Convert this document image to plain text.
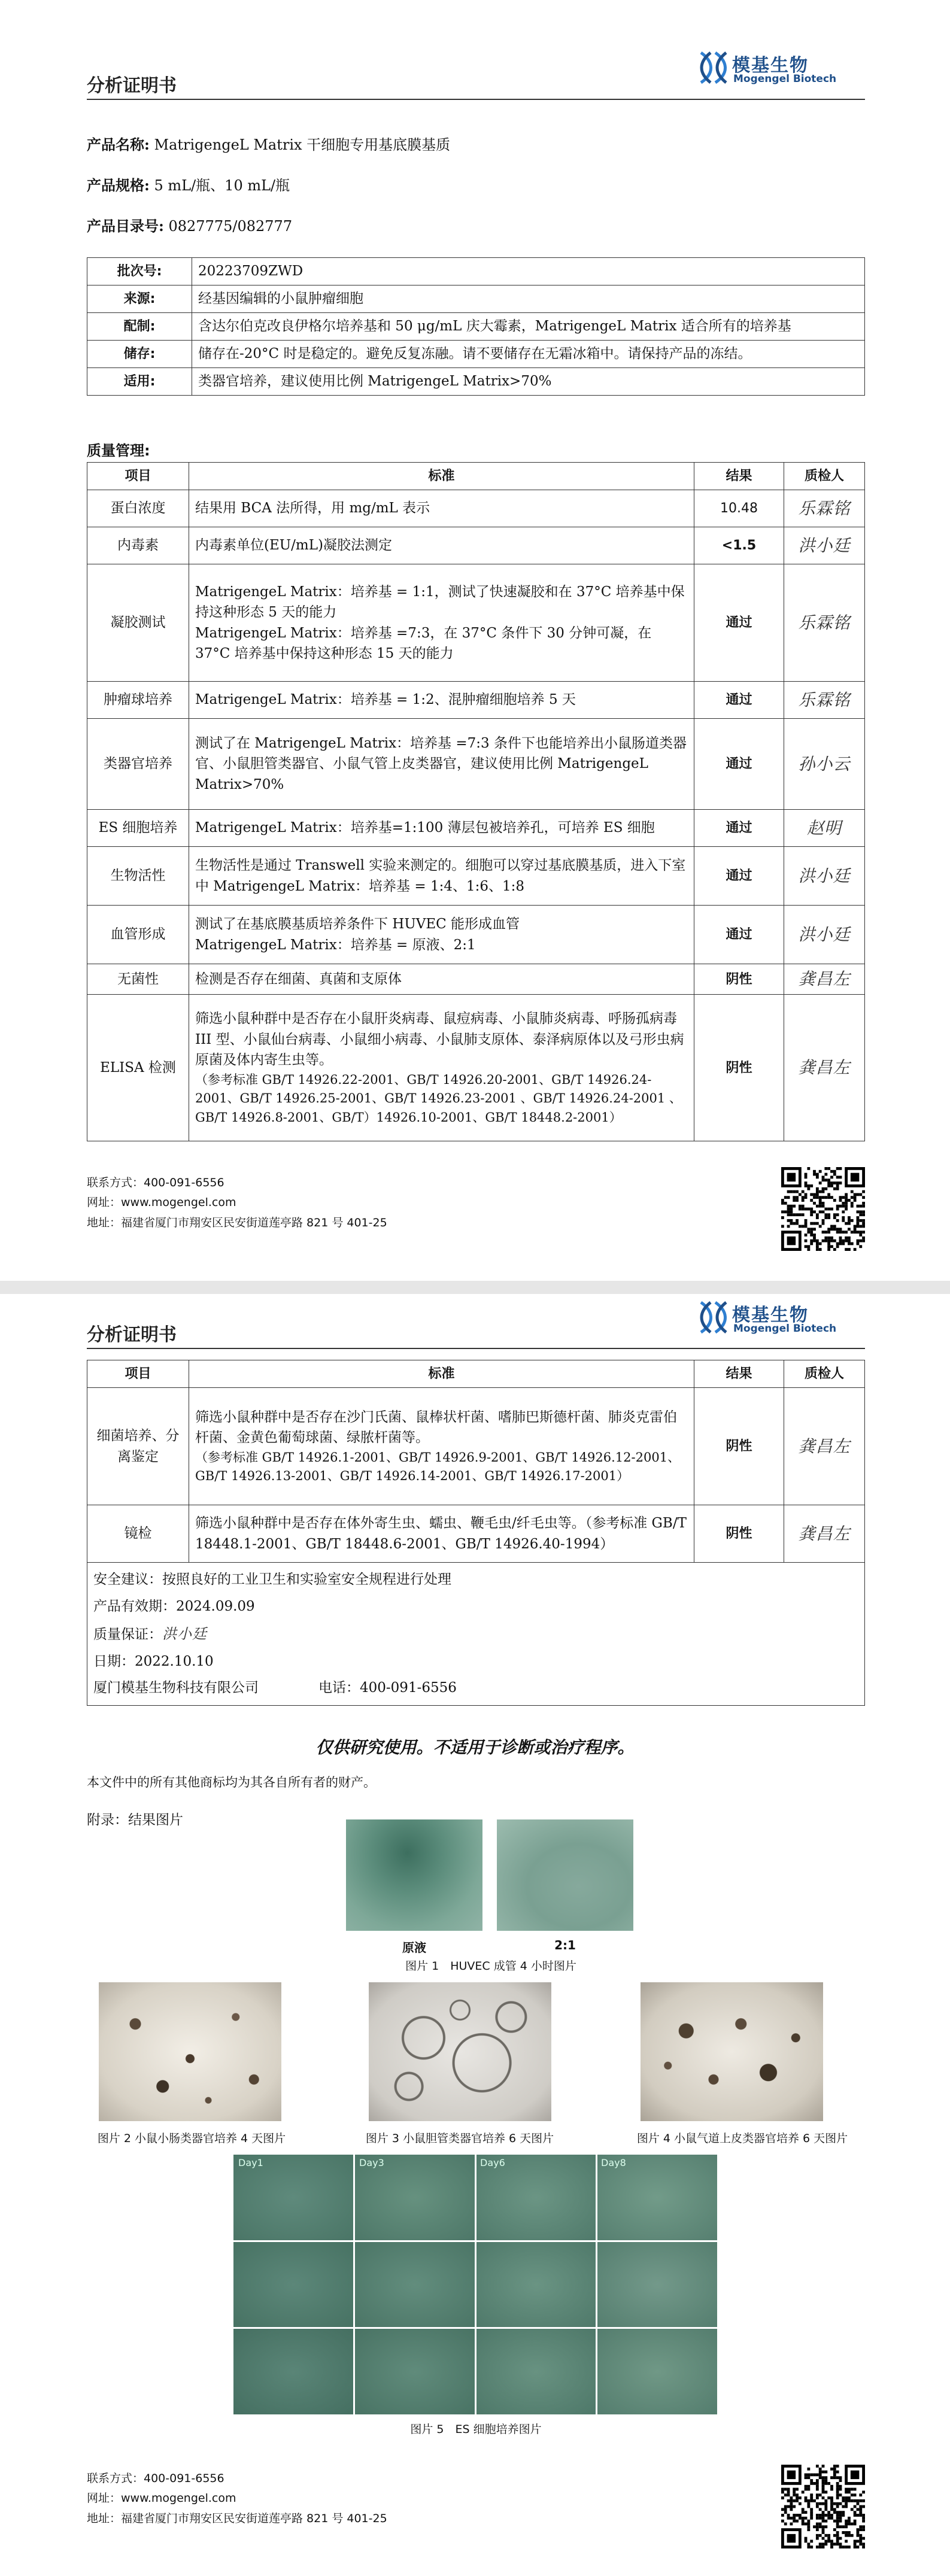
分析证明书
模基生物
Mogengel Biotech
产品名称: MatrigengeL Matrix 干细胞专用基底膜基质
产品规格: 5 mL/瓶、10 mL/瓶
产品目录号: 0827775/082777
批次号:	20223709ZWD
来源:	经基因编辑的小鼠肿瘤细胞
配制:	含达尔伯克改良伊格尔培养基和 50 μg/mL 庆大霉素，MatrigengeL Matrix 适合所有的培养基
储存:	储存在-20°C 时是稳定的。避免反复冻融。请不要储存在无霜冰箱中。请保持产品的冻结。
适用:	类器官培养，建议使用比例 MatrigengeL Matrix>70%
质量管理:
项目	标准	结果	质检人
蛋白浓度	结果用 BCA 法所得，用 mg/mL 表示	10.48	乐霖铭
内毒素	内毒素单位(EU/mL)凝胶法测定	<1.5	洪小廷
凝胶测试	MatrigengeL Matrix：培养基 = 1:1，测试了快速凝胶和在 37°C 培养基中保持这种形态 5 天的能力
MatrigengeL Matrix：培养基 =7:3，在 37°C 条件下 30 分钟可凝，在 37°C 培养基中保持这种形态 15 天的能力	通过	乐霖铭
肿瘤球培养	MatrigengeL Matrix：培养基 = 1:2、混肿瘤细胞培养 5 天	通过	乐霖铭
类器官培养	测试了在 MatrigengeL Matrix：培养基 =7:3 条件下也能培养出小鼠肠道类器官、小鼠胆管类器官、小鼠气管上皮类器官，建议使用比例 MatrigengeL Matrix>70%	通过	孙小云
ES 细胞培养	MatrigengeL Matrix：培养基=1:100 薄层包被培养孔，可培养 ES 细胞	通过	赵明
生物活性	生物活性是通过 Transwell 实验来测定的。细胞可以穿过基底膜基质，进入下室中 MatrigengeL Matrix：培养基 = 1:4、1:6、1:8	通过	洪小廷
血管形成	测试了在基底膜基质培养条件下 HUVEC 能形成血管
MatrigengeL Matrix：培养基 = 原液、2:1	通过	洪小廷
无菌性	检测是否存在细菌、真菌和支原体	阴性	龚昌左
ELISA 检测	筛选小鼠种群中是否存在小鼠肝炎病毒、鼠痘病毒、小鼠肺炎病毒、呼肠孤病毒 III 型、小鼠仙台病毒、小鼠细小病毒、小鼠肺支原体、泰泽病原体以及弓形虫病原菌及体内寄生虫等。
（参考标准 GB/T 14926.22-2001、GB/T 14926.20-2001、GB/T 14926.24-2001、GB/T 14926.25-2001、GB/T 14926.23-2001 、GB/T 14926.24-2001 、GB/T 14926.8-2001、GB/T）14926.10-2001、GB/T 18448.2-2001）	阴性	龚昌左
联系方式：400-091-6556
网址：www.mogengel.com
地址：福建省厦门市翔安区民安街道莲亭路 821 号 401-25
分析证明书
模基生物
Mogengel Biotech
项目	标准	结果	质检人
细菌培养、分离鉴定	筛选小鼠种群中是否存在沙门氏菌、鼠棒状杆菌、嗜肺巴斯德杆菌、肺炎克雷伯杆菌、金黄色葡萄球菌、绿脓杆菌等。
（参考标准 GB/T 14926.1-2001、GB/T 14926.9-2001、GB/T 14926.12-2001、GB/T 14926.13-2001、GB/T 14926.14-2001、GB/T 14926.17-2001）	阴性	龚昌左
镜检	筛选小鼠种群中是否存在体外寄生虫、蠕虫、鞭毛虫/纤毛虫等。（参考标准 GB/T 18448.1-2001、GB/T 18448.6-2001、GB/T 14926.40-1994）	阴性	龚昌左

安全建议：按照良好的工业卫生和实验室安全规程进行处理
产品有效期：2024.09.09
质量保证：洪小廷
日期：2022.10.10
厦门模基生物科技有限公司 电话：400-091-6556			
仅供研究使用。不适用于诊断或治疗程序。
本文件中的所有其他商标均为其各自所有者的财产。
附录：结果图片
原液	2:1
图片 1　HUVEC 成管 4 小时图片
图片 2 小鼠小肠类器官培养 4 天图片	图片 3 小鼠胆管类器官培养 6 天图片	图片 4 小鼠气道上皮类器官培养 6 天图片
Day1	Day3	Day6	Day8
图片 5　ES 细胞培养图片
联系方式：400-091-6556
网址：www.mogengel.com
地址：福建省厦门市翔安区民安街道莲亭路 821 号 401-25
